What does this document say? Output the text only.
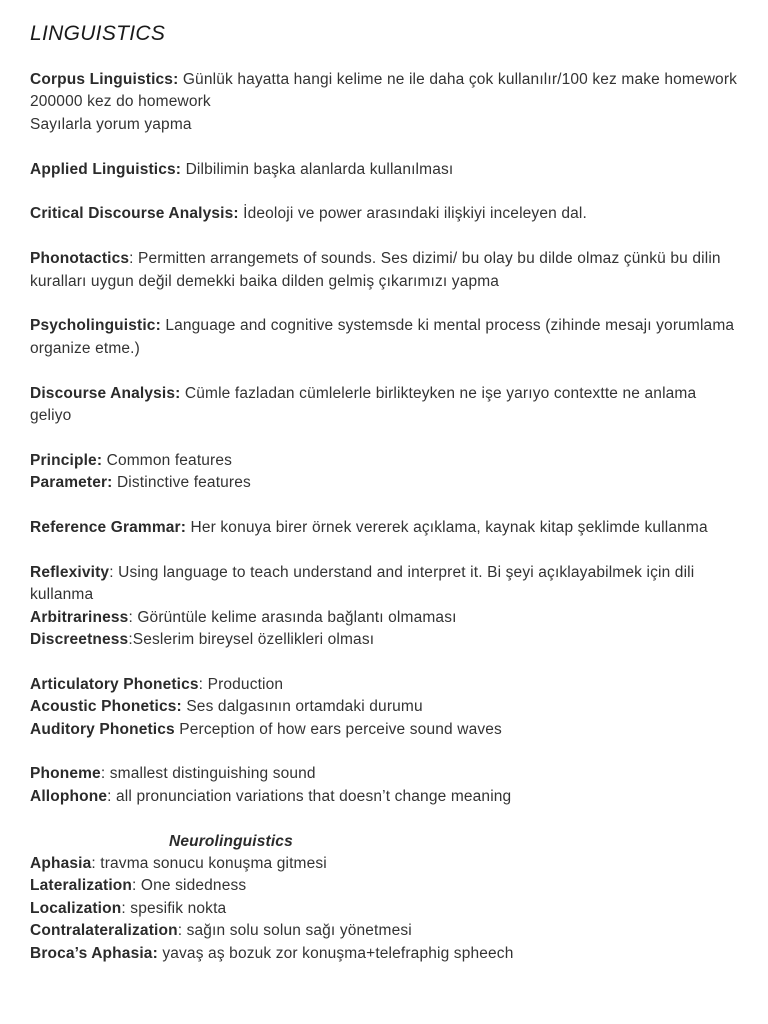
LINGUISTICS
Corpus Linguistics: Günlük hayatta hangi kelime ne ile daha çok kullanılır/100 kez make homework 200000 kez do homework
Sayılarla yorum yapma
Applied Linguistics: Dilbilimin başka alanlarda kullanılması
Critical Discourse Analysis: İdeoloji ve power arasındaki ilişkiyi inceleyen dal.
Phonotactics: Permitten arrangemets of sounds. Ses dizimi/ bu olay bu dilde olmaz çünkü bu dilin kuralları uygun değil demekki baika dilden gelmiş çıkarımızı yapma
Psycholinguistic: Language and cognitive systemsde ki mental process (zihinde mesajı yorumlama organize etme.)
Discourse Analysis: Cümle fazladan cümlelerle birlikteyken ne işe yarıyo contextte ne anlama geliyo
Principle: Common features
Parameter: Distinctive features
Reference Grammar: Her konuya birer örnek vererek açıklama, kaynak kitap şeklimde kullanma
Reflexivity: Using language to teach understand and interpret it. Bi şeyi açıklayabilmek için dili kullanma
Arbitrariness: Görüntüle kelime arasında bağlantı olmaması
Discreetness:Seslerim bireysel özellikleri olması
Articulatory Phonetics: Production
Acoustic Phonetics: Ses dalgasının ortamdaki durumu
Auditory Phonetics Perception of how ears perceive sound waves
Phoneme: smallest distinguishing sound
Allophone: all pronunciation variations that doesn’t change meaning
Neurolinguistics
Aphasia: travma sonucu konuşma gitmesi
Lateralization: One sidedness
Localization: spesifik nokta
Contralateralization: sağın solu solun sağı yönetmesi
Broca’s Aphasia: yavaş aş bozuk zor konuşma+telefraphig spheech
